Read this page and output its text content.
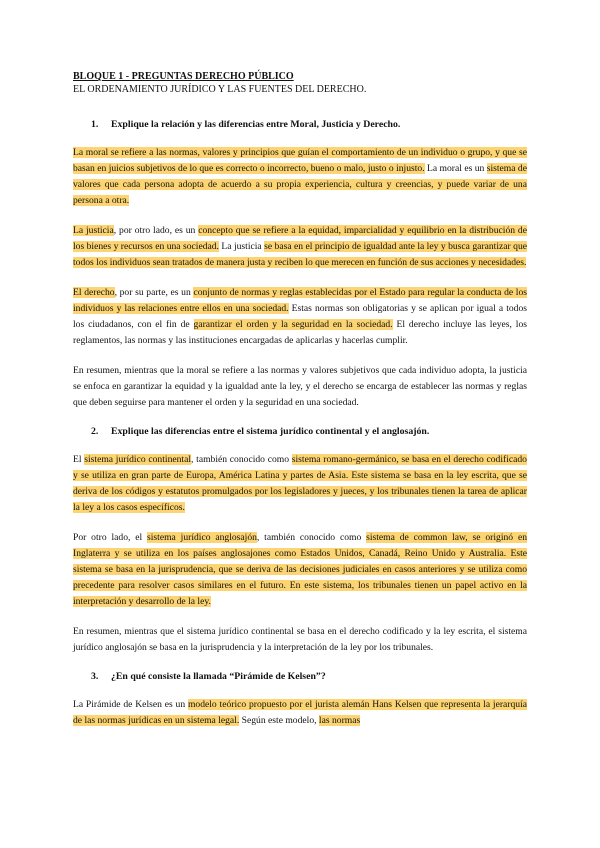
BLOQUE 1 - PREGUNTAS DERECHO PÚBLICO
EL ORDENAMIENTO JURÍDICO Y LAS FUENTES DEL DERECHO.
1. Explique la relación y las diferencias entre Moral, Justicia y Derecho.

La moral se refiere a las normas, valores y principios que guían el comportamiento de un individuo o grupo, y que se basan en juicios subjetivos de lo que es correcto o incorrecto, bueno o malo, justo o injusto. La moral es un sistema de valores que cada persona adopta de acuerdo a su propia experiencia, cultura y creencias, y puede variar de una persona a otra.

La justicia, por otro lado, es un concepto que se refiere a la equidad, imparcialidad y equilibrio en la distribución de los bienes y recursos en una sociedad. La justicia se basa en el principio de igualdad ante la ley y busca garantizar que todos los individuos sean tratados de manera justa y reciben lo que merecen en función de sus acciones y necesidades.

El derecho, por su parte, es un conjunto de normas y reglas establecidas por el Estado para regular la conducta de los individuos y las relaciones entre ellos en una sociedad. Estas normas son obligatorias y se aplican por igual a todos los ciudadanos, con el fin de garantizar el orden y la seguridad en la sociedad. El derecho incluye las leyes, los reglamentos, las normas y las instituciones encargadas de aplicarlas y hacerlas cumplir.

En resumen, mientras que la moral se refiere a las normas y valores subjetivos que cada individuo adopta, la justicia se enfoca en garantizar la equidad y la igualdad ante la ley, y el derecho se encarga de establecer las normas y reglas que deben seguirse para mantener el orden y la seguridad en una sociedad.

2. Explique las diferencias entre el sistema jurídico continental y el anglosajón.

El sistema jurídico continental, también conocido como sistema romano-germánico, se basa en el derecho codificado y se utiliza en gran parte de Europa, América Latina y partes de Asia. Este sistema se basa en la ley escrita, que se deriva de los códigos y estatutos promulgados por los legisladores y jueces, y los tribunales tienen la tarea de aplicar la ley a los casos específicos.

Por otro lado, el sistema jurídico anglosajón, también conocido como sistema de common law, se originó en Inglaterra y se utiliza en los países anglosajones como Estados Unidos, Canadá, Reino Unido y Australia. Este sistema se basa en la jurisprudencia, que se deriva de las decisiones judiciales en casos anteriores y se utiliza como precedente para resolver casos similares en el futuro. En este sistema, los tribunales tienen un papel activo en la interpretación y desarrollo de la ley.

En resumen, mientras que el sistema jurídico continental se basa en el derecho codificado y la ley escrita, el sistema jurídico anglosajón se basa en la jurisprudencia y la interpretación de la ley por los tribunales.

3. ¿En qué consiste la llamada “Pirámide de Kelsen”?

La Pirámide de Kelsen es un modelo teórico propuesto por el jurista alemán Hans Kelsen que representa la jerarquía de las normas jurídicas en un sistema legal. Según este modelo, las normas
